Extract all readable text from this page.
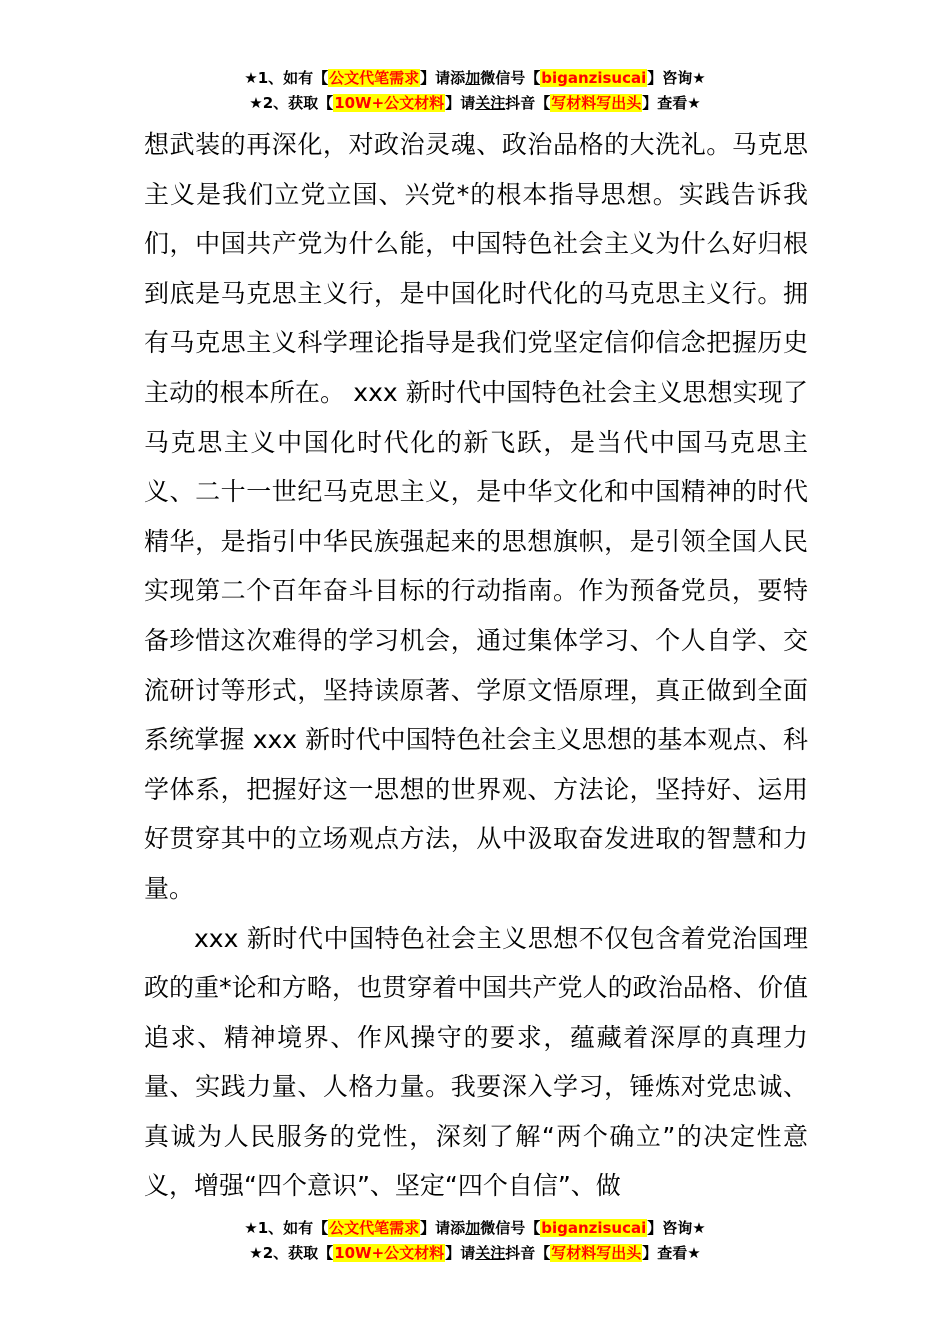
★1、如有【公文代笔需求】请添加微信号【biganzisucai】咨询★
★2、获取【10W+公文材料】请关注抖音【写材料写出头】查看★

想武装的再深化，对政治灵魂、政治品格的大洗礼。马克思主义是我们立党立国、兴党*的根本指导思想。实践告诉我们，中国共产党为什么能，中国特色社会主义为什么好归根到底是马克思主义行，是中国化时代化的马克思主义行。拥有马克思主义科学理论指导是我们党坚定信仰信念把握历史主动的根本所在。 xxx 新时代中国特色社会主义思想实现了马克思主义中国化时代化的新飞跃，是当代中国马克思主义、二十一世纪马克思主义，是中华文化和中国精神的时代精华，是指引中华民族强起来的思想旗帜，是引领全国人民实现第二个百年奋斗目标的行动指南。作为预备党员，要特备珍惜这次难得的学习机会，通过集体学习、个人自学、交流研讨等形式，坚持读原著、学原文悟原理，真正做到全面系统掌握 xxx 新时代中国特色社会主义思想的基本观点、科学体系，把握好这一思想的世界观、方法论，坚持好、运用好贯穿其中的立场观点方法，从中汲取奋发进取的智慧和力量。

xxx 新时代中国特色社会主义思想不仅包含着党治国理政的重*论和方略，也贯穿着中国共产党人的政治品格、价值追求、精神境界、作风操守的要求，蕴藏着深厚的真理力量、实践力量、人格力量。我要深入学习，锤炼对党忠诚、真诚为人民服务的党性，深刻了解“两个确立”的决定性意义，增强“四个意识”、坚定“四个自信”、做

★1、如有【公文代笔需求】请添加微信号【biganzisucai】咨询★
★2、获取【10W+公文材料】请关注抖音【写材料写出头】查看★
